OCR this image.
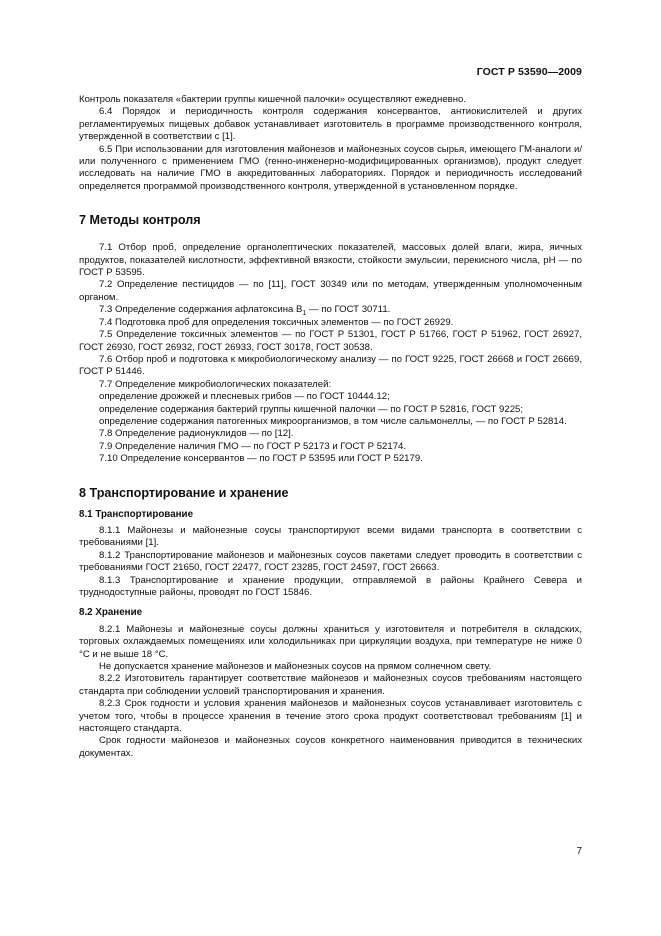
ГОСТ Р 53590—2009

Контроль показателя «бактерии группы кишечной палочки» осуществляют ежедневно.

6.4 Порядок и периодичность контроля содержания консервантов, антиокислителей и других регламентируемых пищевых добавок устанавливает изготовитель в программе производственного контроля, утвержденной в соответствии с [1].

6.5 При использовании для изготовления майонезов и майонезных соусов сырья, имеющего ГМ-аналоги и/или полученного с применением ГМО (генно-инженерно-модифицированных организмов), продукт следует исследовать на наличие ГМО в аккредитованных лабораториях. Порядок и периодичность исследований определяется программой производственного контроля, утвержденной в установленном порядке.

7 Методы контроля

7.1 Отбор проб, определение органолептических показателей, массовых долей влаги, жира, яичных продуктов, показателей кислотности, эффективной вязкости, стойкости эмульсии, перекисного числа, pH — по ГОСТ Р 53595.

7.2 Определение пестицидов — по [11], ГОСТ 30349 или по методам, утвержденным уполномоченным органом.

7.3 Определение содержания афлатоксина $B_1$ — по ГОСТ 30711.

7.4 Подготовка проб для определения токсичных элементов — по ГОСТ 26929.

7.5 Определение токсичных элементов — по ГОСТ Р 51301, ГОСТ Р 51766, ГОСТ Р 51962, ГОСТ 26927, ГОСТ 26930, ГОСТ 26932, ГОСТ 26933, ГОСТ 30178, ГОСТ 30538.

7.6 Отбор проб и подготовка к микробиологическому анализу — по ГОСТ 9225, ГОСТ 26668 и ГОСТ 26669, ГОСТ Р 51446.

7.7 Определение микробиологических показателей:

определение дрожжей и плесневых грибов — по ГОСТ 10444.12;

определение содержания бактерий группы кишечной палочки — по ГОСТ Р 52816, ГОСТ 9225;

определение содержания патогенных микроорганизмов, в том числе сальмонеллы, — по ГОСТ Р 52814.

7.8 Определение радионуклидов — по [12].

7.9 Определение наличия ГМО — по ГОСТ Р 52173 и ГОСТ Р 52174.

7.10 Определение консервантов — по ГОСТ Р 53595 или ГОСТ Р 52179.

8 Транспортирование и хранение
8.1 Транспортирование

8.1.1 Майонезы и майонезные соусы транспортируют всеми видами транспорта в соответствии с требованиями [1].

8.1.2 Транспортирование майонезов и майонезных соусов пакетами следует проводить в соответствии с требованиями ГОСТ 21650, ГОСТ 22477, ГОСТ 23285, ГОСТ 24597, ГОСТ 26663.

8.1.3 Транспортирование и хранение продукции, отправляемой в районы Крайнего Севера и труднодоступные районы, проводят по ГОСТ 15846.

8.2 Хранение

8.2.1 Майонезы и майонезные соусы должны храниться у изготовителя и потребителя в складских, торговых охлаждаемых помещениях или холодильниках при циркуляции воздуха, при температуре не ниже 0 °С и не выше 18 °С.

Не допускается хранение майонезов и майонезных соусов на прямом солнечном свету.

8.2.2 Изготовитель гарантирует соответствие майонезов и майонезных соусов требованиям настоящего стандарта при соблюдении условий транспортирования и хранения.

8.2.3 Срок годности и условия хранения майонезов и майонезных соусов устанавливает изготовитель с учетом того, чтобы в процессе хранения в течение этого срока продукт соответствовал требованиям [1] и настоящего стандарта.

Срок годности майонезов и майонезных соусов конкретного наименования приводится в технических документах.

7
